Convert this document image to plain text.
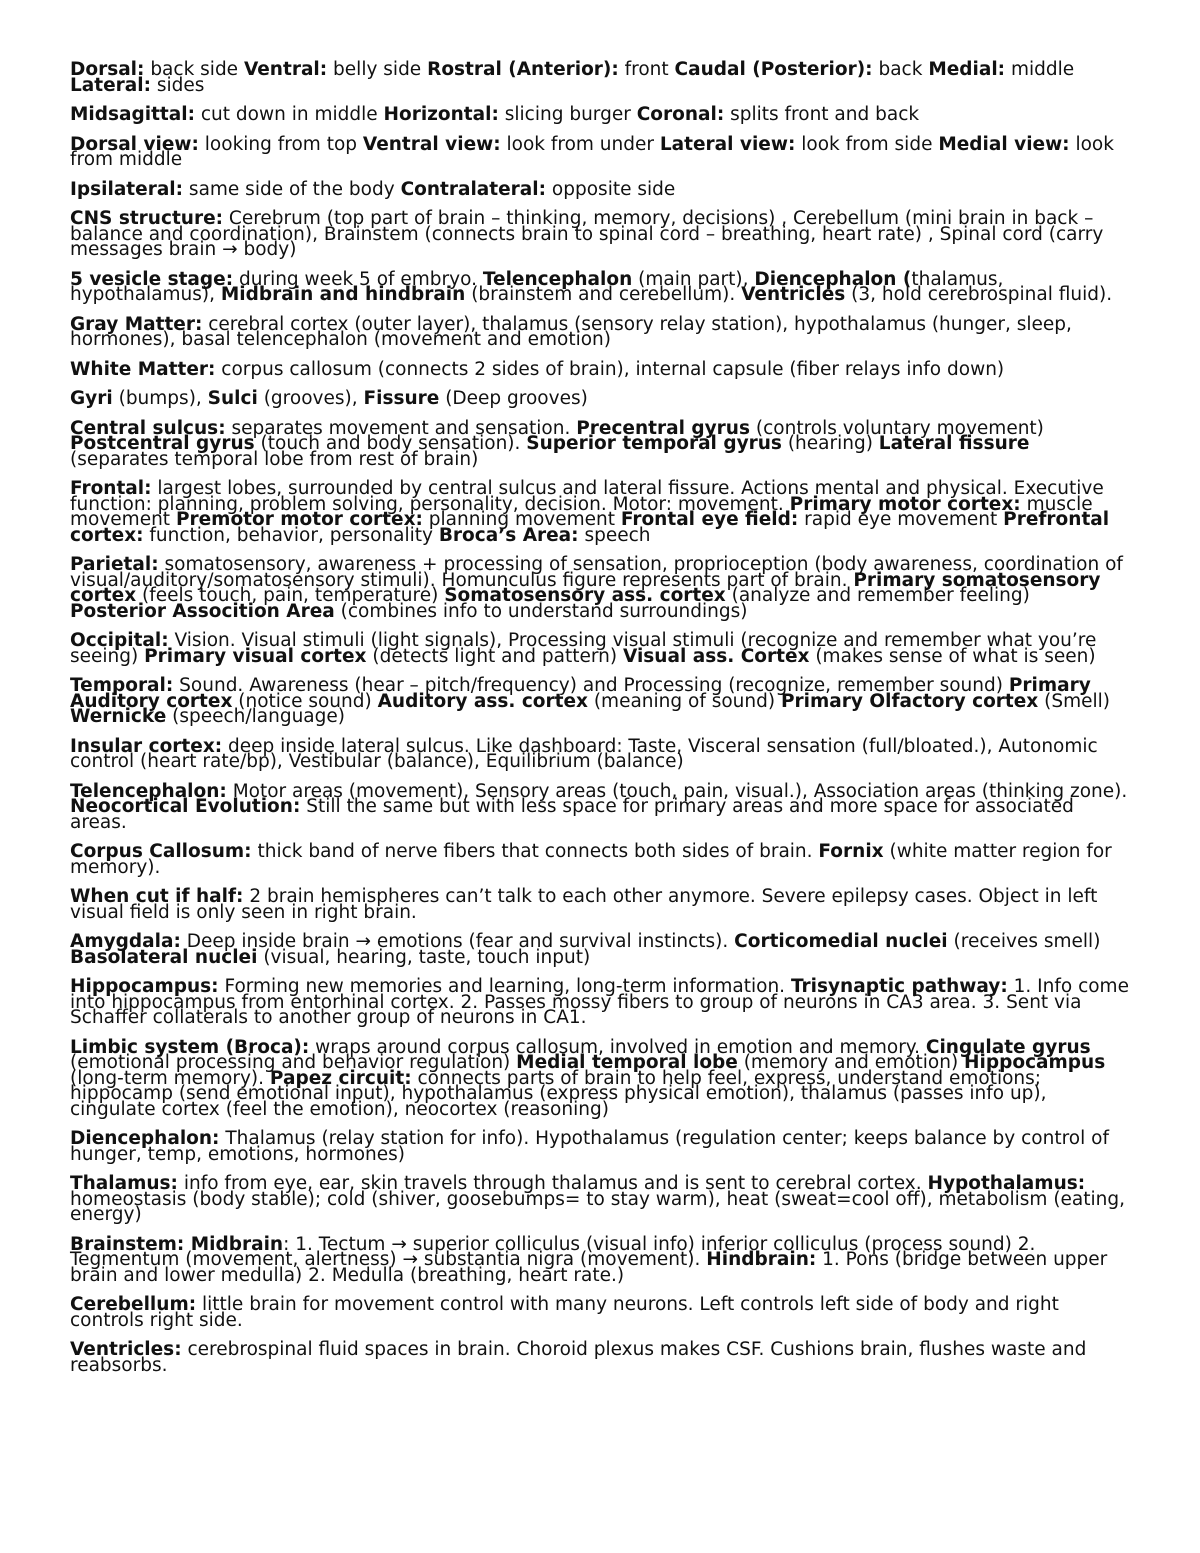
Dorsal: back side Ventral: belly side Rostral (Anterior): front Caudal (Posterior): back Medial: middle Lateral: sides

Midsagittal: cut down in middle Horizontal: slicing burger Coronal: splits front and back

Dorsal view: looking from top Ventral view: look from under Lateral view: look from side Medial view: look from middle

Ipsilateral: same side of the body Contralateral: opposite side

CNS structure: Cerebrum (top part of brain – thinking, memory, decisions) , Cerebellum (mini brain in back – balance and coordination), Brainstem (connects brain to spinal cord – breathing, heart rate) , Spinal cord (carry messages brain → body)

5 vesicle stage: during week 5 of embryo. Telencephalon (main part), Diencephalon (thalamus, hypothalamus), Midbrain and hindbrain (brainstem and cerebellum). Ventricles (3, hold cerebrospinal fluid).

Gray Matter: cerebral cortex (outer layer), thalamus (sensory relay station), hypothalamus (hunger, sleep, hormones), basal telencephalon (movement and emotion)

White Matter: corpus callosum (connects 2 sides of brain), internal capsule (fiber relays info down)

Gyri (bumps), Sulci (grooves), Fissure (Deep grooves)

Central sulcus: separates movement and sensation. Precentral gyrus (controls voluntary movement) Postcentral gyrus (touch and body sensation). Superior temporal gyrus (hearing) Lateral fissure (separates temporal lobe from rest of brain)

Frontal: largest lobes, surrounded by central sulcus and lateral fissure. Actions mental and physical. Executive function: planning, problem solving, personality, decision. Motor: movement. Primary motor cortex: muscle movement Premotor motor cortex: planning movement Frontal eye field: rapid eye movement Prefrontal cortex: function, behavior, personality Broca’s Area: speech

Parietal: somatosensory, awareness + processing of sensation, proprioception (body awareness, coordination of visual/auditory/somatosensory stimuli). Homunculus figure represents part of brain. Primary somatosensory cortex (feels touch, pain, temperature) Somatosensory ass. cortex (analyze and remember feeling) Posterior Assocition Area (combines info to understand surroundings)

Occipital: Vision. Visual stimuli (light signals), Processing visual stimuli (recognize and remember what you’re seeing) Primary visual cortex (detects light and pattern) Visual ass. Cortex (makes sense of what is seen)

Temporal: Sound. Awareness (hear – pitch/frequency) and Processing (recognize, remember sound) Primary Auditory cortex (notice sound) Auditory ass. cortex (meaning of sound) Primary Olfactory cortex (Smell) Wernicke (speech/language)

Insular cortex: deep inside lateral sulcus. Like dashboard: Taste, Visceral sensation (full/bloated.), Autonomic control (heart rate/bp), Vestibular (balance), Equilibrium (balance)

Telencephalon: Motor areas (movement), Sensory areas (touch, pain, visual.), Association areas (thinking zone). Neocortical Evolution: Still the same but with less space for primary areas and more space for associated areas.

Corpus Callosum: thick band of nerve fibers that connects both sides of brain. Fornix (white matter region for memory).

When cut if half: 2 brain hemispheres can’t talk to each other anymore. Severe epilepsy cases. Object in left visual field is only seen in right brain.

Amygdala: Deep inside brain → emotions (fear and survival instincts). Corticomedial nuclei (receives smell) Basolateral nuclei (visual, hearing, taste, touch input)

Hippocampus: Forming new memories and learning, long-term information. Trisynaptic pathway: 1. Info come into hippocampus from entorhinal cortex. 2. Passes mossy fibers to group of neurons in CA3 area. 3. Sent via Schaffer collaterals to another group of neurons in CA1.

Limbic system (Broca): wraps around corpus callosum, involved in emotion and memory. Cingulate gyrus (emotional processing and behavior regulation) Medial temporal lobe (memory and emotion) Hippocampus (long-term memory). Papez circuit: connects parts of brain to help feel, express, understand emotions; hippocamp (send emotional input), hypothalamus (express physical emotion), thalamus (passes info up), cingulate cortex (feel the emotion), neocortex (reasoning)

Diencephalon: Thalamus (relay station for info). Hypothalamus (regulation center; keeps balance by control of hunger, temp, emotions, hormones)

Thalamus: info from eye, ear, skin travels through thalamus and is sent to cerebral cortex. Hypothalamus: homeostasis (body stable); cold (shiver, goosebumps= to stay warm), heat (sweat=cool off), metabolism (eating, energy)

Brainstem: Midbrain: 1. Tectum → superior colliculus (visual info) inferior colliculus (process sound) 2. Tegmentum (movement, alertness) → substantia nigra (movement). Hindbrain: 1. Pons (bridge between upper brain and lower medulla) 2. Medulla (breathing, heart rate.)

Cerebellum: little brain for movement control with many neurons. Left controls left side of body and right controls right side.

Ventricles: cerebrospinal fluid spaces in brain. Choroid plexus makes CSF. Cushions brain, flushes waste and reabsorbs.
